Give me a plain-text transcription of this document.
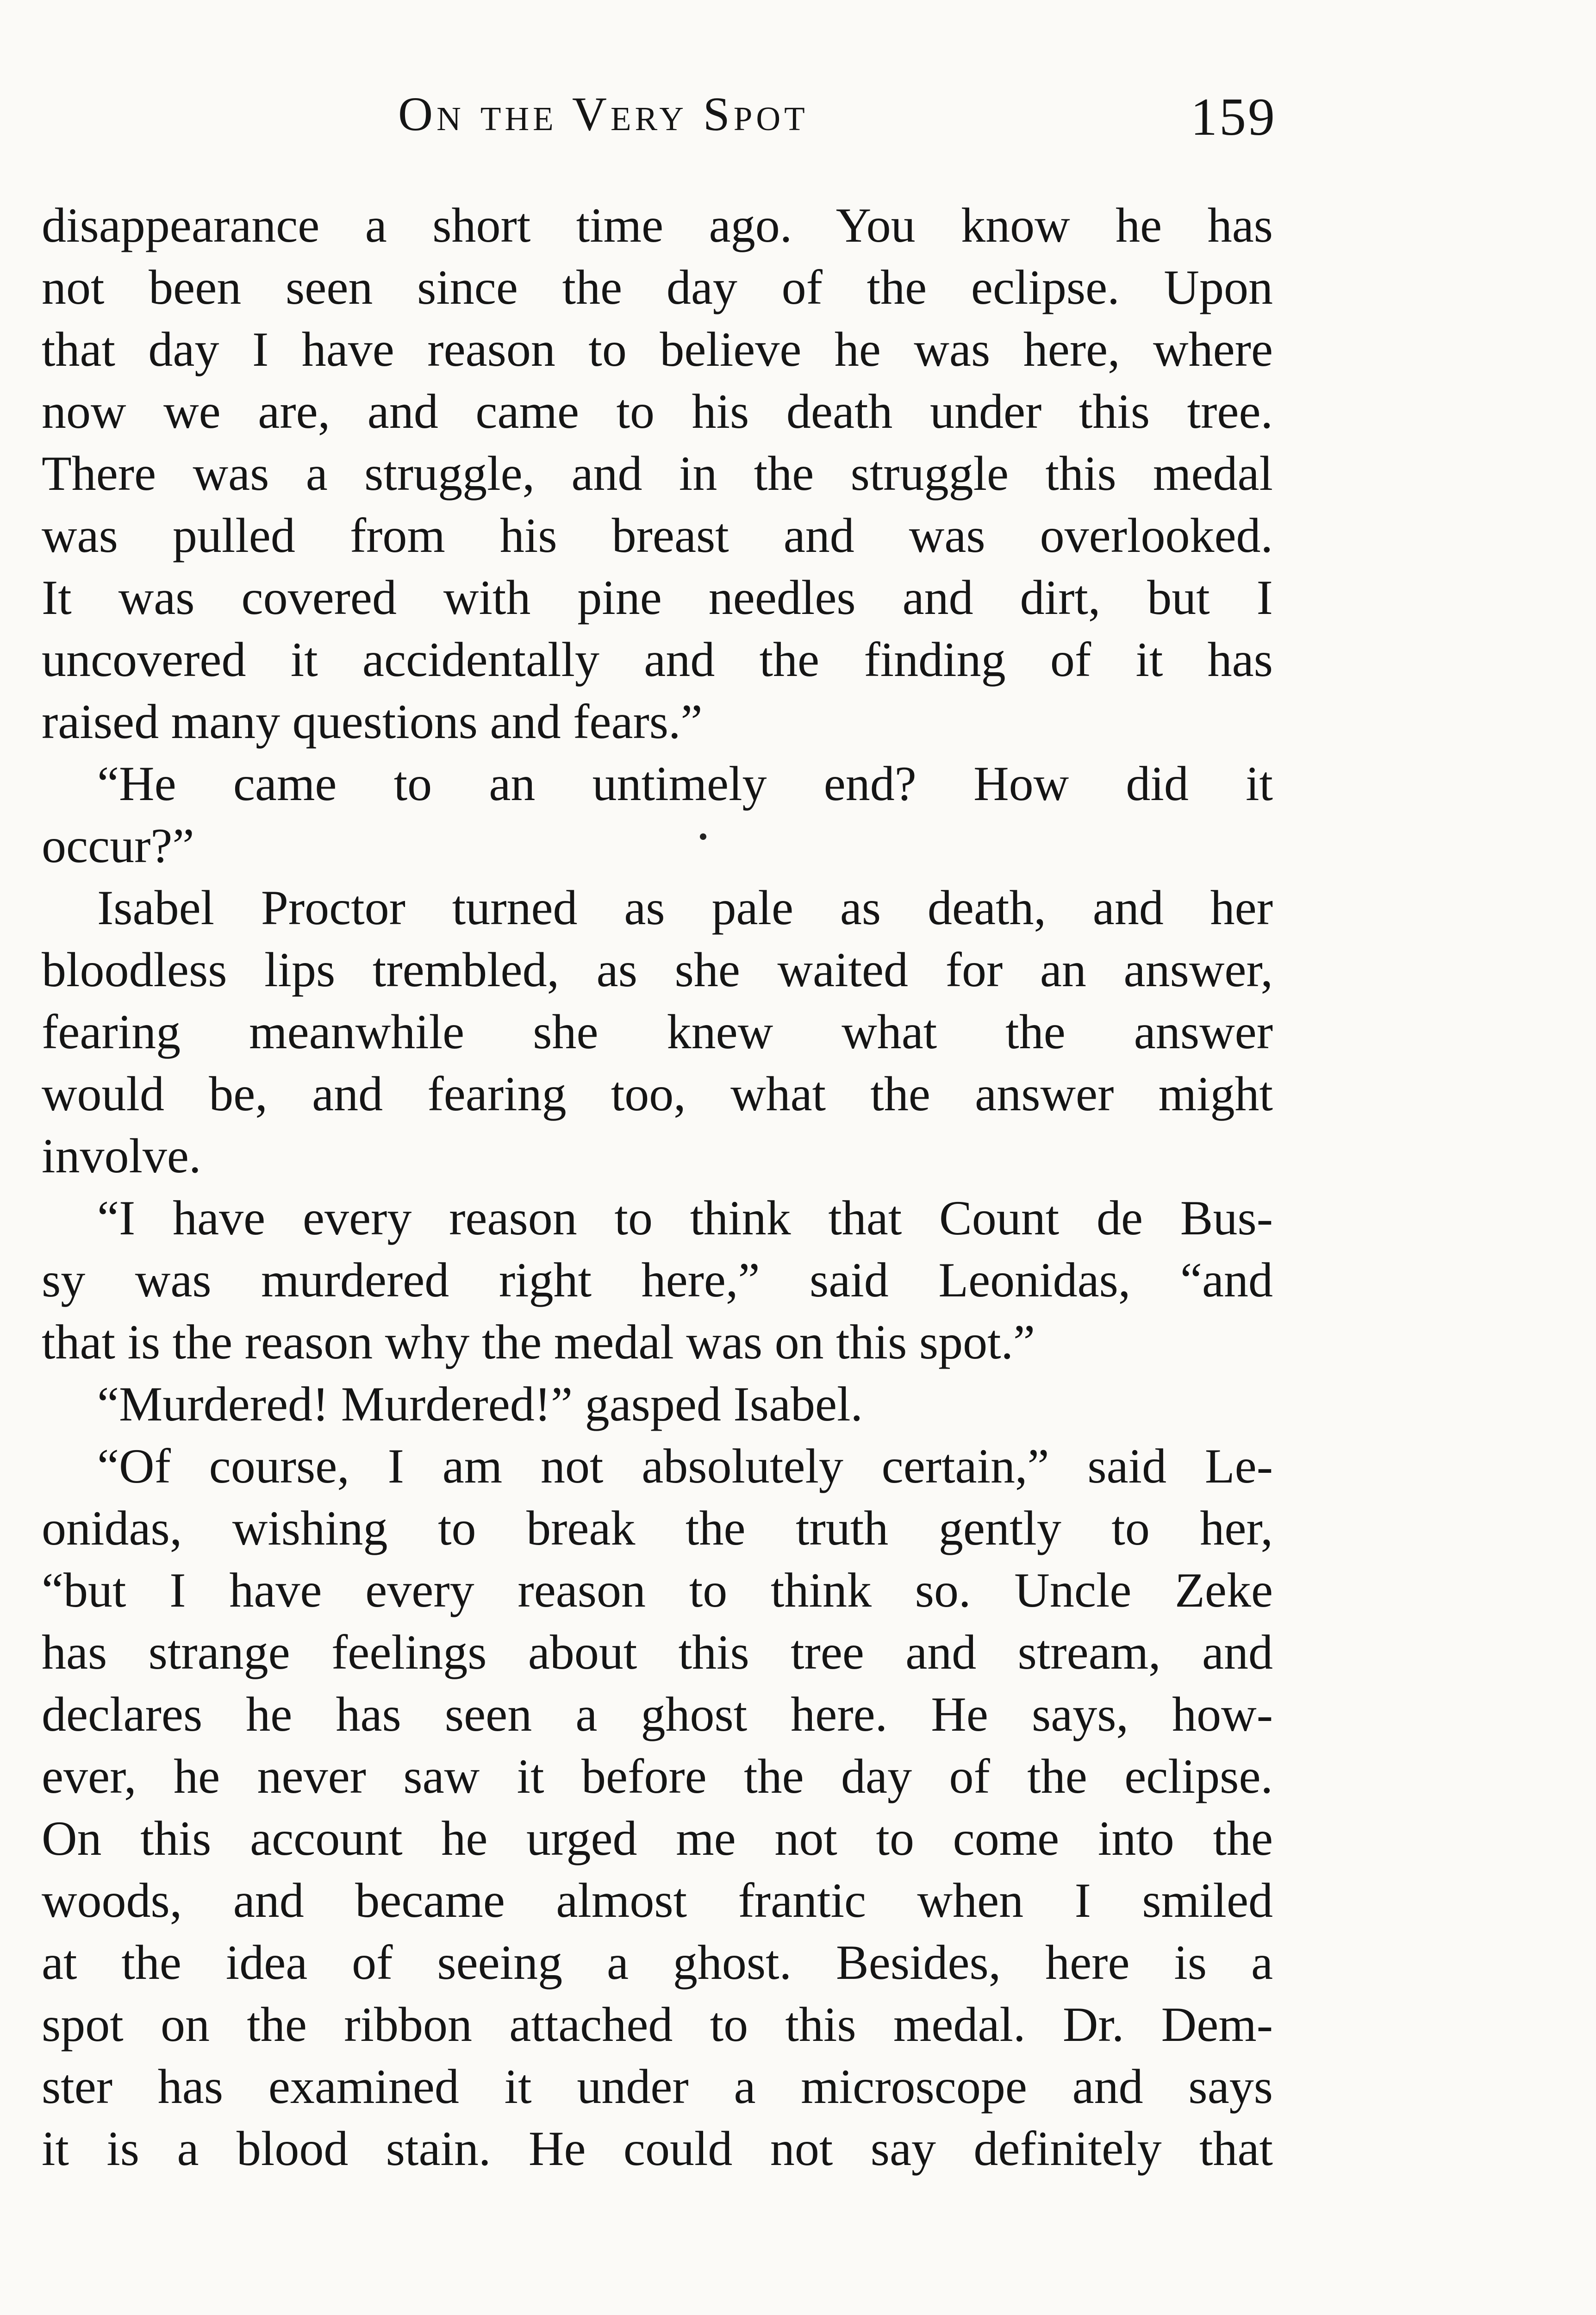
On the Very Spot	159
disappearance a short time ago. You know he has
not been seen since the day of the eclipse. Upon
that day I have reason to believe he was here, where
now we are, and came to his death under this tree.
There was a struggle, and in the struggle this medal
was pulled from his breast and was overlooked.
It was covered with pine needles and dirt, but I
uncovered it accidentally and the finding of it has
raised many questions and fears.”
“He came to an untimely end? How did it
occur?”
Isabel Proctor turned as pale as death, and her
bloodless lips trembled, as she waited for an answer,
fearing meanwhile she knew what the answer
would be, and fearing too, what the answer might
involve.
“I have every reason to think that Count de Bus-
sy was murdered right here,” said Leonidas, “and
that is the reason why the medal was on this spot.”
“Murdered! Murdered!” gasped Isabel.
“Of course, I am not absolutely certain,” said Le-
onidas, wishing to break the truth gently to her,
“but I have every reason to think so. Uncle Zeke
has strange feelings about this tree and stream, and
declares he has seen a ghost here. He says, how-
ever, he never saw it before the day of the eclipse.
On this account he urged me not to come into the
woods, and became almost frantic when I smiled
at the idea of seeing a ghost. Besides, here is a
spot on the ribbon attached to this medal. Dr. Dem-
ster has examined it under a microscope and says
it is a blood stain. He could not say definitely that
